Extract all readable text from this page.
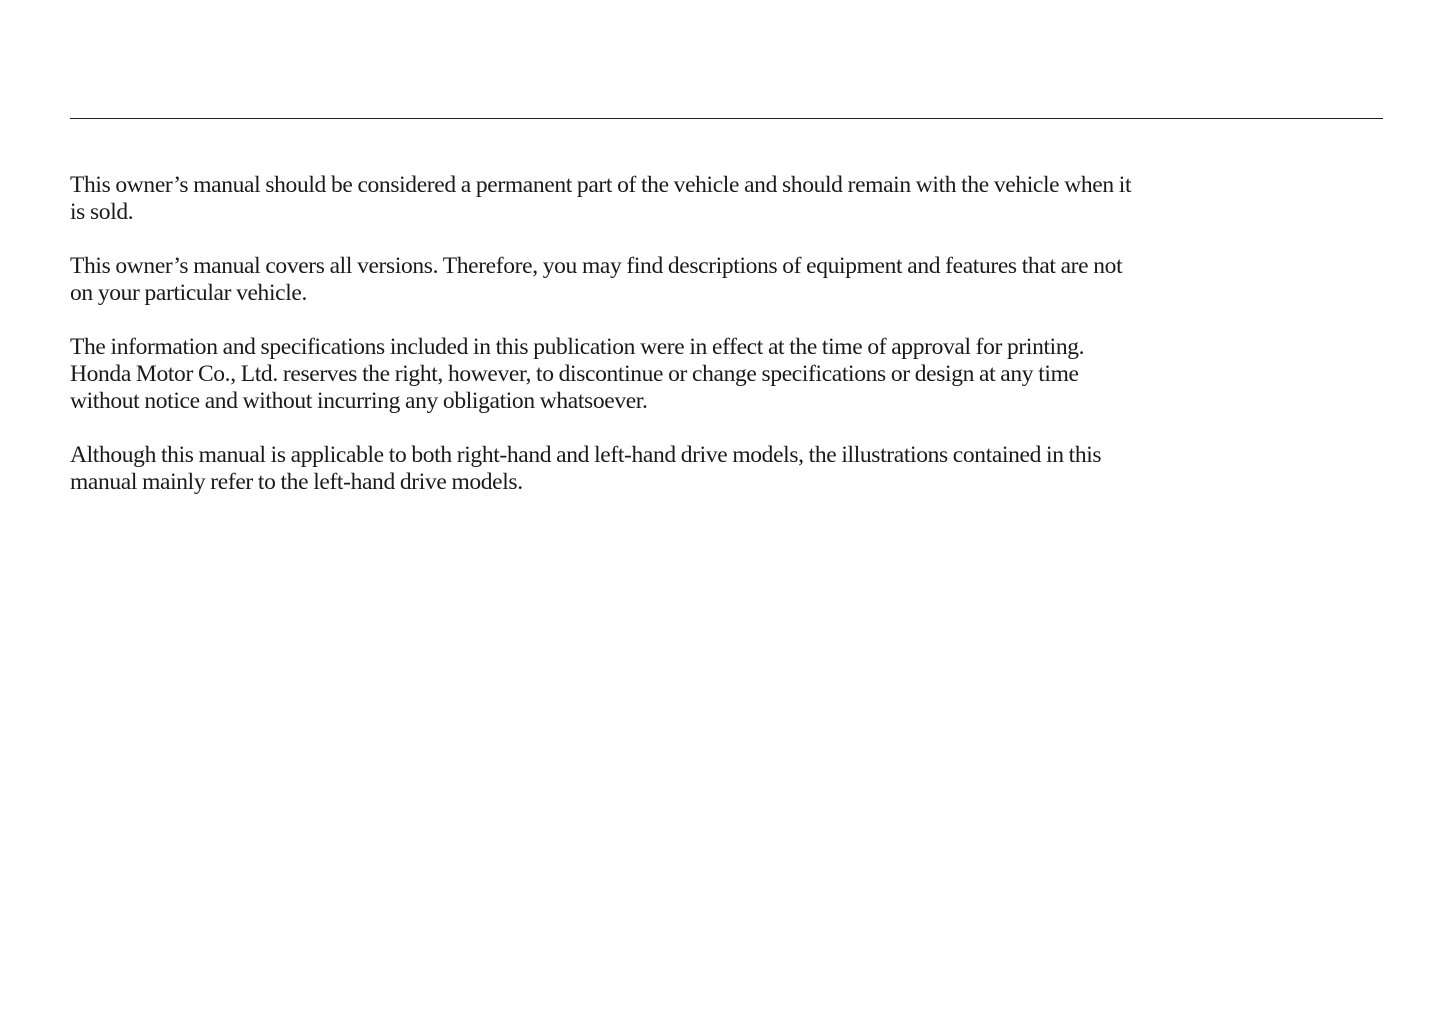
This owner’s manual should be considered a permanent part of the vehicle and should remain with the vehicle when it
is sold.

This owner’s manual covers all versions. Therefore, you may find descriptions of equipment and features that are not
on your particular vehicle.

The information and specifications included in this publication were in effect at the time of approval for printing.
Honda Motor Co., Ltd. reserves the right, however, to discontinue or change specifications or design at any time
without notice and without incurring any obligation whatsoever.

Although this manual is applicable to both right-hand and left-hand drive models, the illustrations contained in this
manual mainly refer to the left-hand drive models.
